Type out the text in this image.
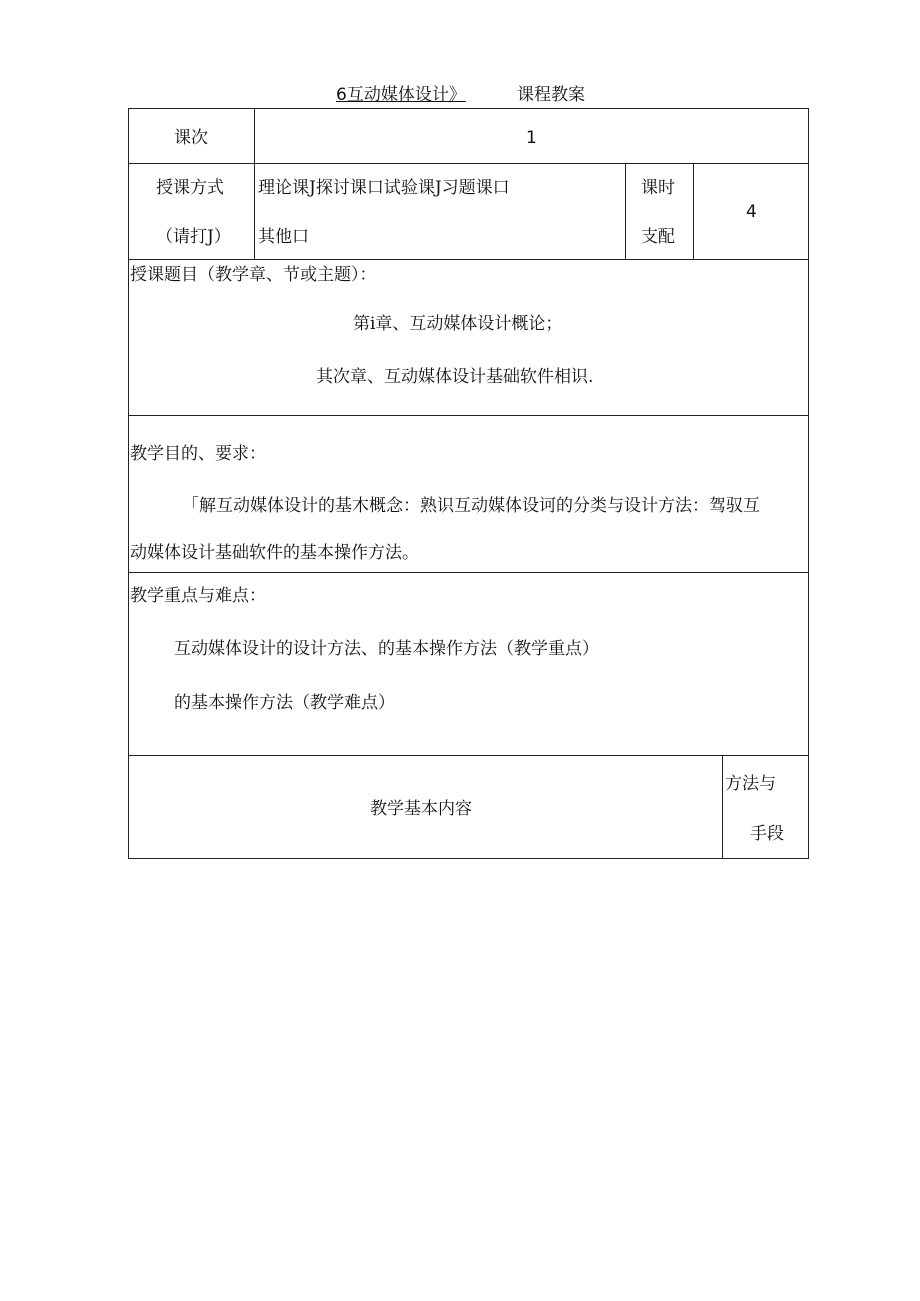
6互动媒体设计》	课程教案
课次	1
授课方式
（请打J）
理论课J探讨课口试验课J习题课口
其他口
课时
支配
4
授课题目（教学章、节或主题）：
第i章、互动媒体设计概论；
其次章、互动媒体设计基础软件相识.
教学目的、要求：
「解互动媒体设计的基木概念：熟识互动媒体设诃的分类与设计方法：驾驭互
动媒体设计基础软件的基本操作方法。
教学重点与难点：
互动媒体设计的设计方法、的基本操作方法（教学重点）
的基本操作方法（教学难点）
教学基本内容
方法与
手段
